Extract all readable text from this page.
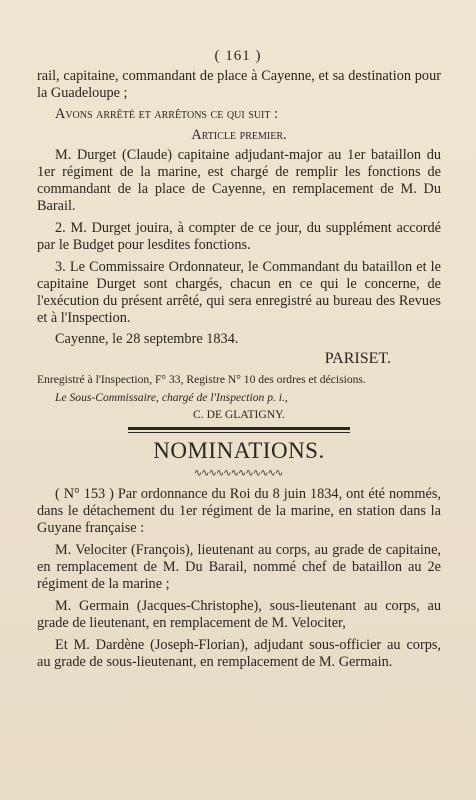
( 161 )

rail, capitaine, commandant de place à Cayenne, et sa destination pour la Guadeloupe ;

Avons arrêté et arrêtons ce qui suit :

Article premier.

M. Durget (Claude) capitaine adjudant-major au 1er bataillon du 1er régiment de la marine, est chargé de remplir les fonctions de commandant de la place de Cayenne, en remplacement de M. Du Barail.

2. M. Durget jouira, à compter de ce jour, du supplément accordé par le Budget pour lesdites fonctions.

3. Le Commissaire Ordonnateur, le Commandant du bataillon et le capitaine Durget sont chargés, chacun en ce qui le concerne, de l'exécution du présent arrêté, qui sera enregistré au bureau des Revues et à l'Inspection.

Cayenne, le 28 septembre 1834.

PARISET.

Enregistré à l'Inspection, F° 33, Registre N° 10 des ordres et décisions.

Le Sous-Commissaire, chargé de l'Inspection p. i.,

C. DE GLATIGNY.

NOMINATIONS.
∿∿∿∿∿∿∿∿∿∿∿∿

( N° 153 ) Par ordonnance du Roi du 8 juin 1834, ont été nommés, dans le détachement du 1er régiment de la marine, en station dans la Guyane française :

M. Velociter (François), lieutenant au corps, au grade de capitaine, en remplacement de M. Du Barail, nommé chef de bataillon au 2e régiment de la marine ;

M. Germain (Jacques-Christophe), sous-lieutenant au corps, au grade de lieutenant, en remplacement de M. Velociter,

Et M. Dardène (Joseph-Florian), adjudant sous-officier au corps, au grade de sous-lieutenant, en remplacement de M. Germain.
